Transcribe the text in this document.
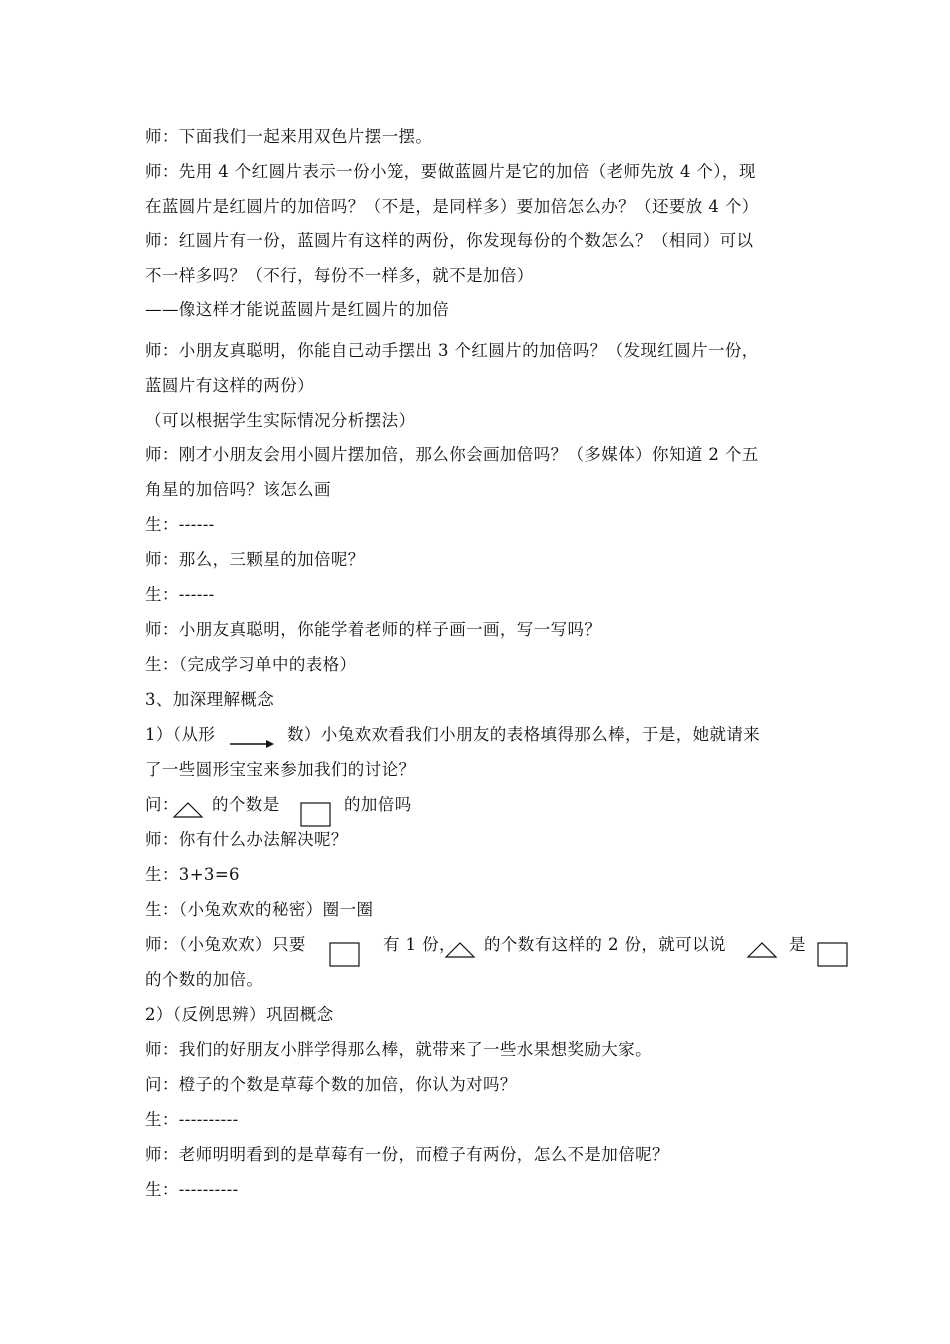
师：下面我们一起来用双色片摆一摆。
师：先用 4 个红圆片表示一份小笼，要做蓝圆片是它的加倍（老师先放 4 个），现
在蓝圆片是红圆片的加倍吗？（不是，是同样多）要加倍怎么办？（还要放 4 个）
师：红圆片有一份，蓝圆片有这样的两份，你发现每份的个数怎么？（相同）可以
不一样多吗？（不行，每份不一样多，就不是加倍）
——像这样才能说蓝圆片是红圆片的加倍
师：小朋友真聪明，你能自己动手摆出 3 个红圆片的加倍吗？（发现红圆片一份，
蓝圆片有这样的两份）
（可以根据学生实际情况分析摆法）
师：刚才小朋友会用小圆片摆加倍，那么你会画加倍吗？（多媒体）你知道 2 个五
角星的加倍吗？该怎么画
生：------
师：那么，三颗星的加倍呢？
生：------
师：小朋友真聪明，你能学着老师的样子画一画，写一写吗？
生：（完成学习单中的表格）
3、加深理解概念
1）（从形	数）小兔欢欢看我们小朋友的表格填得那么棒，于是，她就请来
了一些圆形宝宝来参加我们的讨论？
问：	的个数是	的加倍吗
师：你有什么办法解决呢？
生：3+3=6
生：（小兔欢欢的秘密）圈一圈
师：（小兔欢欢）只要	有 1 份， 的个数有这样的 2 份，就可以说	是
的个数的加倍。
2）（反例思辨）巩固概念
师：我们的好朋友小胖学得那么棒，就带来了一些水果想奖励大家。
问：橙子的个数是草莓个数的加倍，你认为对吗？
生：----------
师：老师明明看到的是草莓有一份，而橙子有两份，怎么不是加倍呢？
生：----------
